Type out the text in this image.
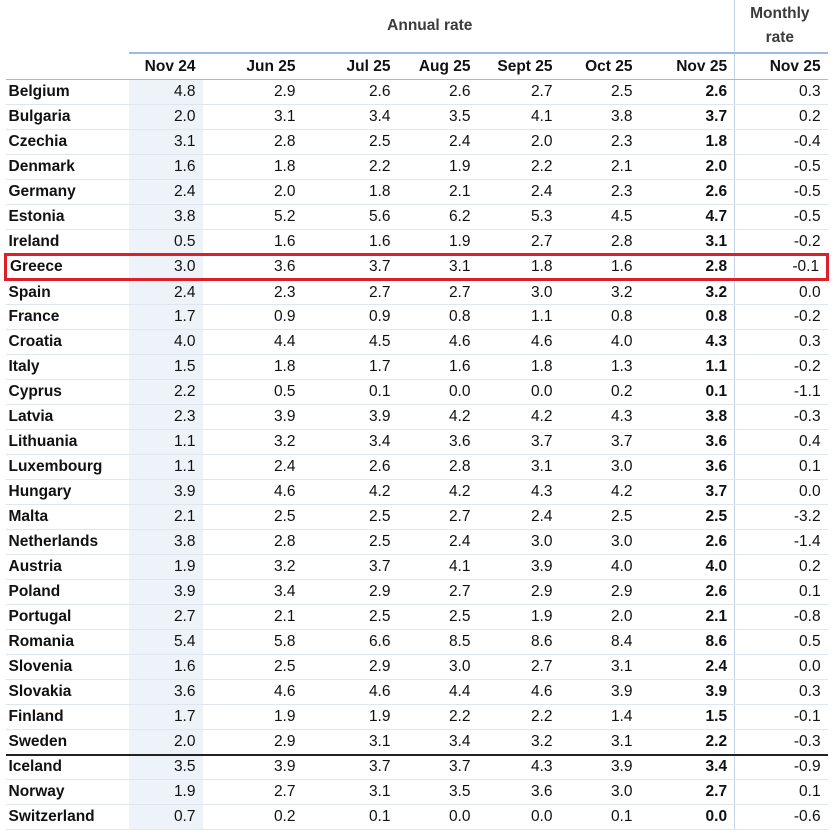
	Annual rate							Monthly
rate
	Nov 24	Jun 25	Jul 25	Aug 25	Sept 25	Oct 25	Nov 25	Nov 25
Belgium	4.8	2.9	2.6	2.6	2.7	2.5	2.6	0.3
Bulgaria	2.0	3.1	3.4	3.5	4.1	3.8	3.7	0.2
Czechia	3.1	2.8	2.5	2.4	2.0	2.3	1.8	-0.4
Denmark	1.6	1.8	2.2	1.9	2.2	2.1	2.0	-0.5
Germany	2.4	2.0	1.8	2.1	2.4	2.3	2.6	-0.5
Estonia	3.8	5.2	5.6	6.2	5.3	4.5	4.7	-0.5
Ireland	0.5	1.6	1.6	1.9	2.7	2.8	3.1	-0.2
Greece	3.0	3.6	3.7	3.1	1.8	1.6	2.8	-0.1
Spain	2.4	2.3	2.7	2.7	3.0	3.2	3.2	0.0
France	1.7	0.9	0.9	0.8	1.1	0.8	0.8	-0.2
Croatia	4.0	4.4	4.5	4.6	4.6	4.0	4.3	0.3
Italy	1.5	1.8	1.7	1.6	1.8	1.3	1.1	-0.2
Cyprus	2.2	0.5	0.1	0.0	0.0	0.2	0.1	-1.1
Latvia	2.3	3.9	3.9	4.2	4.2	4.3	3.8	-0.3
Lithuania	1.1	3.2	3.4	3.6	3.7	3.7	3.6	0.4
Luxembourg	1.1	2.4	2.6	2.8	3.1	3.0	3.6	0.1
Hungary	3.9	4.6	4.2	4.2	4.3	4.2	3.7	0.0
Malta	2.1	2.5	2.5	2.7	2.4	2.5	2.5	-3.2
Netherlands	3.8	2.8	2.5	2.4	3.0	3.0	2.6	-1.4
Austria	1.9	3.2	3.7	4.1	3.9	4.0	4.0	0.2
Poland	3.9	3.4	2.9	2.7	2.9	2.9	2.6	0.1
Portugal	2.7	2.1	2.5	2.5	1.9	2.0	2.1	-0.8
Romania	5.4	5.8	6.6	8.5	8.6	8.4	8.6	0.5
Slovenia	1.6	2.5	2.9	3.0	2.7	3.1	2.4	0.0
Slovakia	3.6	4.6	4.6	4.4	4.6	3.9	3.9	0.3
Finland	1.7	1.9	1.9	2.2	2.2	1.4	1.5	-0.1
Sweden	2.0	2.9	3.1	3.4	3.2	3.1	2.2	-0.3
Iceland	3.5	3.9	3.7	3.7	4.3	3.9	3.4	-0.9
Norway	1.9	2.7	3.1	3.5	3.6	3.0	2.7	0.1
Switzerland	0.7	0.2	0.1	0.0	0.0	0.1	0.0	-0.6
